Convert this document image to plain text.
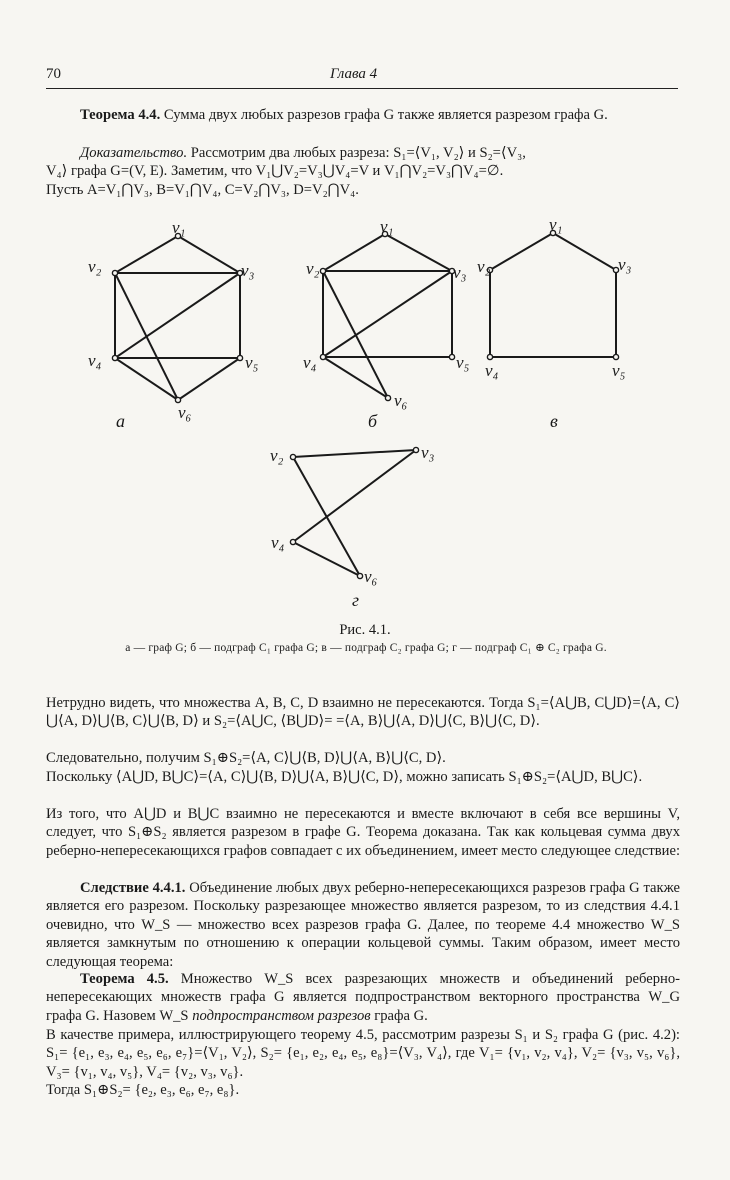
70	Глава 4
Теорема 4.4. Сумма двух любых разрезов графа G также является разрезом графа G.
Доказательство. Рассмотрим два любых разреза: S₁=⟨V₁, V₂⟩ и S₂=⟨V₃,
V₄⟩ графа G=(V, E). Заметим, что V₁⋃V₂=V₃⋃V₄=V и V₁⋂V₂=V₃⋂V₄=∅.
Пусть A=V₁⋂V₃, B=V₁⋂V₄, C=V₂⋂V₃, D=V₂⋂V₄.
v₁
v₂	v₃
v₄	v₅
v₆
v₁
v₂	v₃
v₄	v₅
v₆
v₁
v₂	v₃
v₄	v₅
v₂	v₃
v₄
v₆
а	б	в
г
Рис. 4.1.
а — граф G; б — подграф C₁ графа G; в — подграф C₂ графа G; г — подграф C₁ ⊕ C₂ графа G.
Нетрудно видеть, что множества A, B, C, D взаимно не пересекаются. Тогда S₁=⟨A⋃B, C⋃D⟩=⟨A, C⟩⋃⟨A, D⟩⋃⟨B, C⟩⋃⟨B, D⟩ и S₂=⟨A⋃C, ⟨B⋃D⟩= =⟨A, B⟩⋃⟨A, D⟩⋃⟨C, B⟩⋃⟨C, D⟩.
Следовательно, получим S₁⊕S₂=⟨A, C⟩⋃⟨B, D⟩⋃⟨A, B⟩⋃⟨C, D⟩.
Поскольку ⟨A⋃D, B⋃C⟩=⟨A, C⟩⋃⟨B, D⟩⋃⟨A, B⟩⋃⟨C, D⟩, можно записать S₁⊕S₂=⟨A⋃D, B⋃C⟩.
Из того, что A⋃D и B⋃C взаимно не пересекаются и вместе включают в себя все вершины V, следует, что S₁⊕S₂ является разрезом в графе G. Теорема доказана. Так как кольцевая сумма двух реберно-непересекающихся графов совпадает с их объединением, имеет место следующее следствие:
Следствие 4.4.1. Объединение любых двух реберно-непересекающихся разрезов графа G также является его разрезом. Поскольку разрезающее множество является разрезом, то из следствия 4.4.1 очевидно, что W_S — множество всех разрезов графа G. Далее, по теореме 4.4 множество W_S является замкнутым по отношению к операции кольцевой суммы. Таким образом, имеет место следующая теорема:
Теорема 4.5. Множество W_S всех разрезающих множеств и объединений реберно-непересекающих множеств графа G является подпространством векторного пространства W_G графа G. Назовем W_S подпространством разрезов графа G.
В качестве примера, иллюстрирующего теорему 4.5, рассмотрим разрезы S₁ и S₂ графа G (рис. 4.2): S₁= {e₁, e₃, e₄, e₅, e₆, e₇}=⟨V₁, V₂⟩, S₂= {e₁, e₂, e₄, e₅, e₈}=⟨V₃, V₄⟩, где V₁= {v₁, v₂, v₄}, V₂= {v₃, v₅, v₆}, V₃= {v₁, v₄, v₅}, V₄= {v₂, v₃, v₆}.
Тогда S₁⊕S₂= {e₂, e₃, e₆, e₇, e₈}.
